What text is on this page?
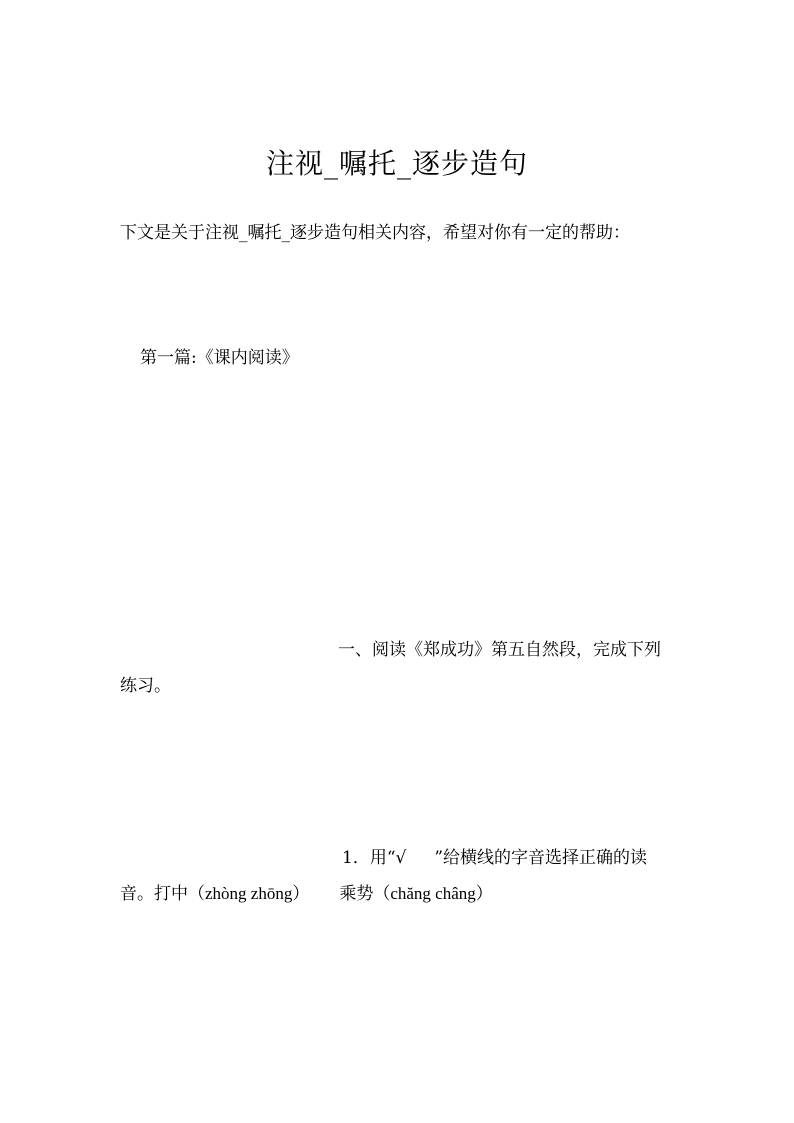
注视_嘱托_逐步造句

下文是关于注视_嘱托_逐步造句相关内容，希望对你有一定的帮助：

第一篇:《课内阅读》

一、阅读《郑成功》第五自然段，完成下列练习。

1．用“√ ”给横线的字音选择正确的读音。打中（zhòng zhōng） 乘势（chăng châng）
